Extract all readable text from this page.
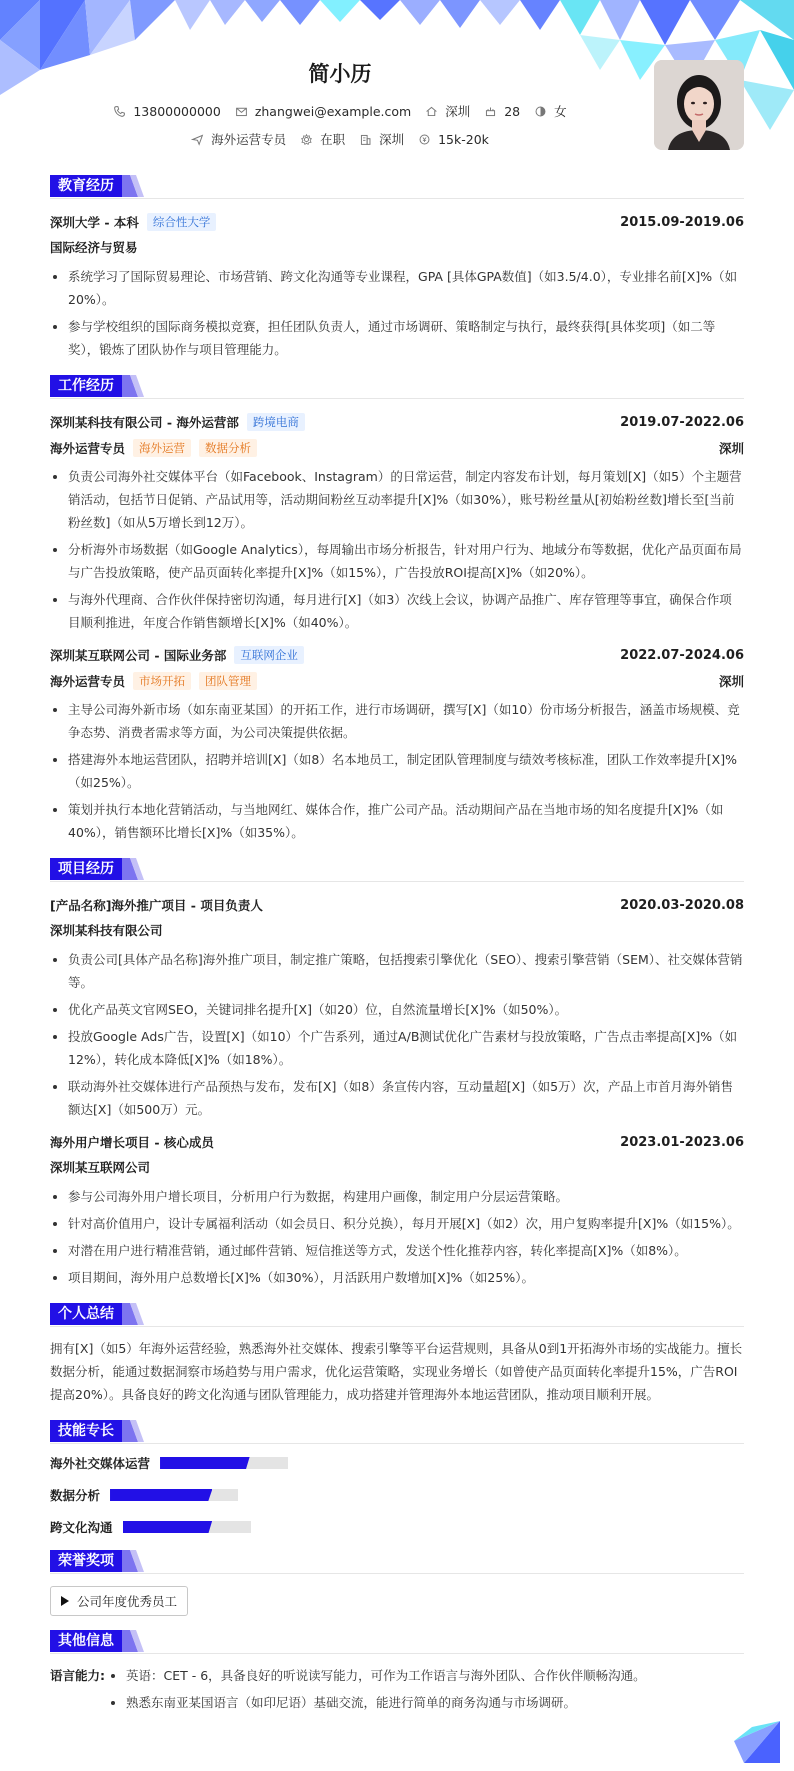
简小历
13800000000	zhangwei@example.com	深圳	28	女
海外运营专员	在职	深圳	15k-20k
教育经历
深圳大学 - 本科	综合性大学	2015.09-2019.06
国际经济与贸易
系统学习了国际贸易理论、市场营销、跨文化沟通等专业课程，GPA [具体GPA数值]（如3.5/4.0），专业排名前[X]%（如20%）。
参与学校组织的国际商务模拟竞赛，担任团队负责人，通过市场调研、策略制定与执行，最终获得[具体奖项]（如二等奖），锻炼了团队协作与项目管理能力。
工作经历
深圳某科技有限公司 - 海外运营部	跨境电商	2019.07-2022.06
海外运营专员	海外运营	数据分析	深圳
负责公司海外社交媒体平台（如Facebook、Instagram）的日常运营，制定内容发布计划，每月策划[X]（如5）个主题营销活动，包括节日促销、产品试用等，活动期间粉丝互动率提升[X]%（如30%），账号粉丝量从[初始粉丝数]增长至[当前粉丝数]（如从5万增长到12万）。
分析海外市场数据（如Google Analytics），每周输出市场分析报告，针对用户行为、地域分布等数据，优化产品页面布局与广告投放策略，使产品页面转化率提升[X]%（如15%），广告投放ROI提高[X]%（如20%）。
与海外代理商、合作伙伴保持密切沟通，每月进行[X]（如3）次线上会议，协调产品推广、库存管理等事宜，确保合作项目顺利推进，年度合作销售额增长[X]%（如40%）。
深圳某互联网公司 - 国际业务部	互联网企业	2022.07-2024.06
海外运营专员	市场开拓	团队管理	深圳
主导公司海外新市场（如东南亚某国）的开拓工作，进行市场调研，撰写[X]（如10）份市场分析报告，涵盖市场规模、竞争态势、消费者需求等方面，为公司决策提供依据。
搭建海外本地运营团队，招聘并培训[X]（如8）名本地员工，制定团队管理制度与绩效考核标准，团队工作效率提升[X]%（如25%）。
策划并执行本地化营销活动，与当地网红、媒体合作，推广公司产品。活动期间产品在当地市场的知名度提升[X]%（如40%），销售额环比增长[X]%（如35%）。
项目经历
[产品名称]海外推广项目 - 项目负责人	2020.03-2020.08
深圳某科技有限公司
负责公司[具体产品名称]海外推广项目，制定推广策略，包括搜索引擎优化（SEO）、搜索引擎营销（SEM）、社交媒体营销等。
优化产品英文官网SEO，关键词排名提升[X]（如20）位，自然流量增长[X]%（如50%）。
投放Google Ads广告，设置[X]（如10）个广告系列，通过A/B测试优化广告素材与投放策略，广告点击率提高[X]%（如12%），转化成本降低[X]%（如18%）。
联动海外社交媒体进行产品预热与发布，发布[X]（如8）条宣传内容，互动量超[X]（如5万）次，产品上市首月海外销售额达[X]（如500万）元。
海外用户增长项目 - 核心成员	2023.01-2023.06
深圳某互联网公司
参与公司海外用户增长项目，分析用户行为数据，构建用户画像，制定用户分层运营策略。
针对高价值用户，设计专属福利活动（如会员日、积分兑换），每月开展[X]（如2）次，用户复购率提升[X]%（如15%）。
对潜在用户进行精准营销，通过邮件营销、短信推送等方式，发送个性化推荐内容，转化率提高[X]%（如8%）。
项目期间，海外用户总数增长[X]%（如30%），月活跃用户数增加[X]%（如25%）。
个人总结

拥有[X]（如5）年海外运营经验，熟悉海外社交媒体、搜索引擎等平台运营规则，具备从0到1开拓海外市场的实战能力。擅长数据分析，能通过数据洞察市场趋势与用户需求，优化运营策略，实现业务增长（如曾使产品页面转化率提升15%，广告ROI提高20%）。具备良好的跨文化沟通与团队管理能力，成功搭建并管理海外本地运营团队，推动项目顺利开展。

技能专长
海外社交媒体运营
数据分析
跨文化沟通
荣誉奖项
公司年度优秀员工
其他信息
语言能力:	英语：CET - 6，具备良好的听说读写能力，可作为工作语言与海外团队、合作伙伴顺畅沟通。
熟悉东南亚某国语言（如印尼语）基础交流，能进行简单的商务沟通与市场调研。
